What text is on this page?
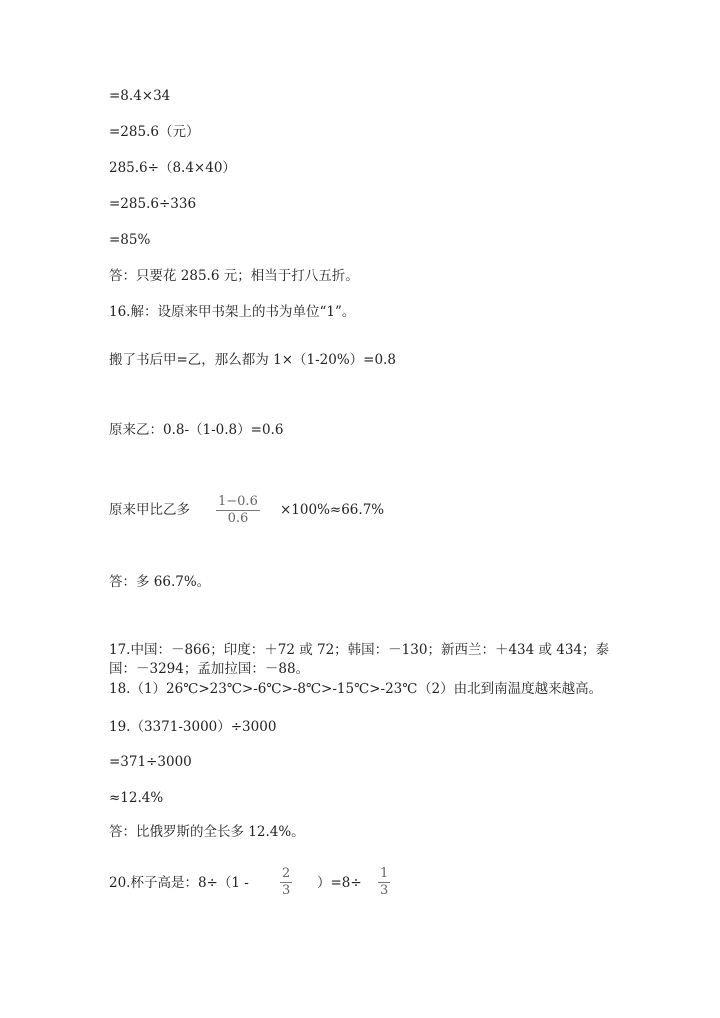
=8.4×34
=285.6（元）
285.6÷（8.4×40）
=285.6÷336
=85%
答：只要花 285.6 元；相当于打八五折。
16.解：设原来甲书架上的书为单位“1”。
搬了书后甲=乙，那么都为 1×（1-20%）=0.8
原来乙：0.8-（1-0.8）=0.6
原来甲比乙多
1−0.6
0.6
×100%≈66.7%
答：多 66.7%。
17.中国：－866；印度：＋72 或 72；韩国：－130；新西兰：＋434 或 434；泰国：－3294；孟加拉国：－88。
18.（1）26℃>23℃>-6℃>-8℃>-15℃>-23℃ （2）由北到南温度越来越高。
19.（3371-3000）÷3000
=371÷3000
≈12.4%
答：比俄罗斯的全长多 12.4%。
20.杯子高是：8÷（1 -
2
3 ）=8÷
1
3
